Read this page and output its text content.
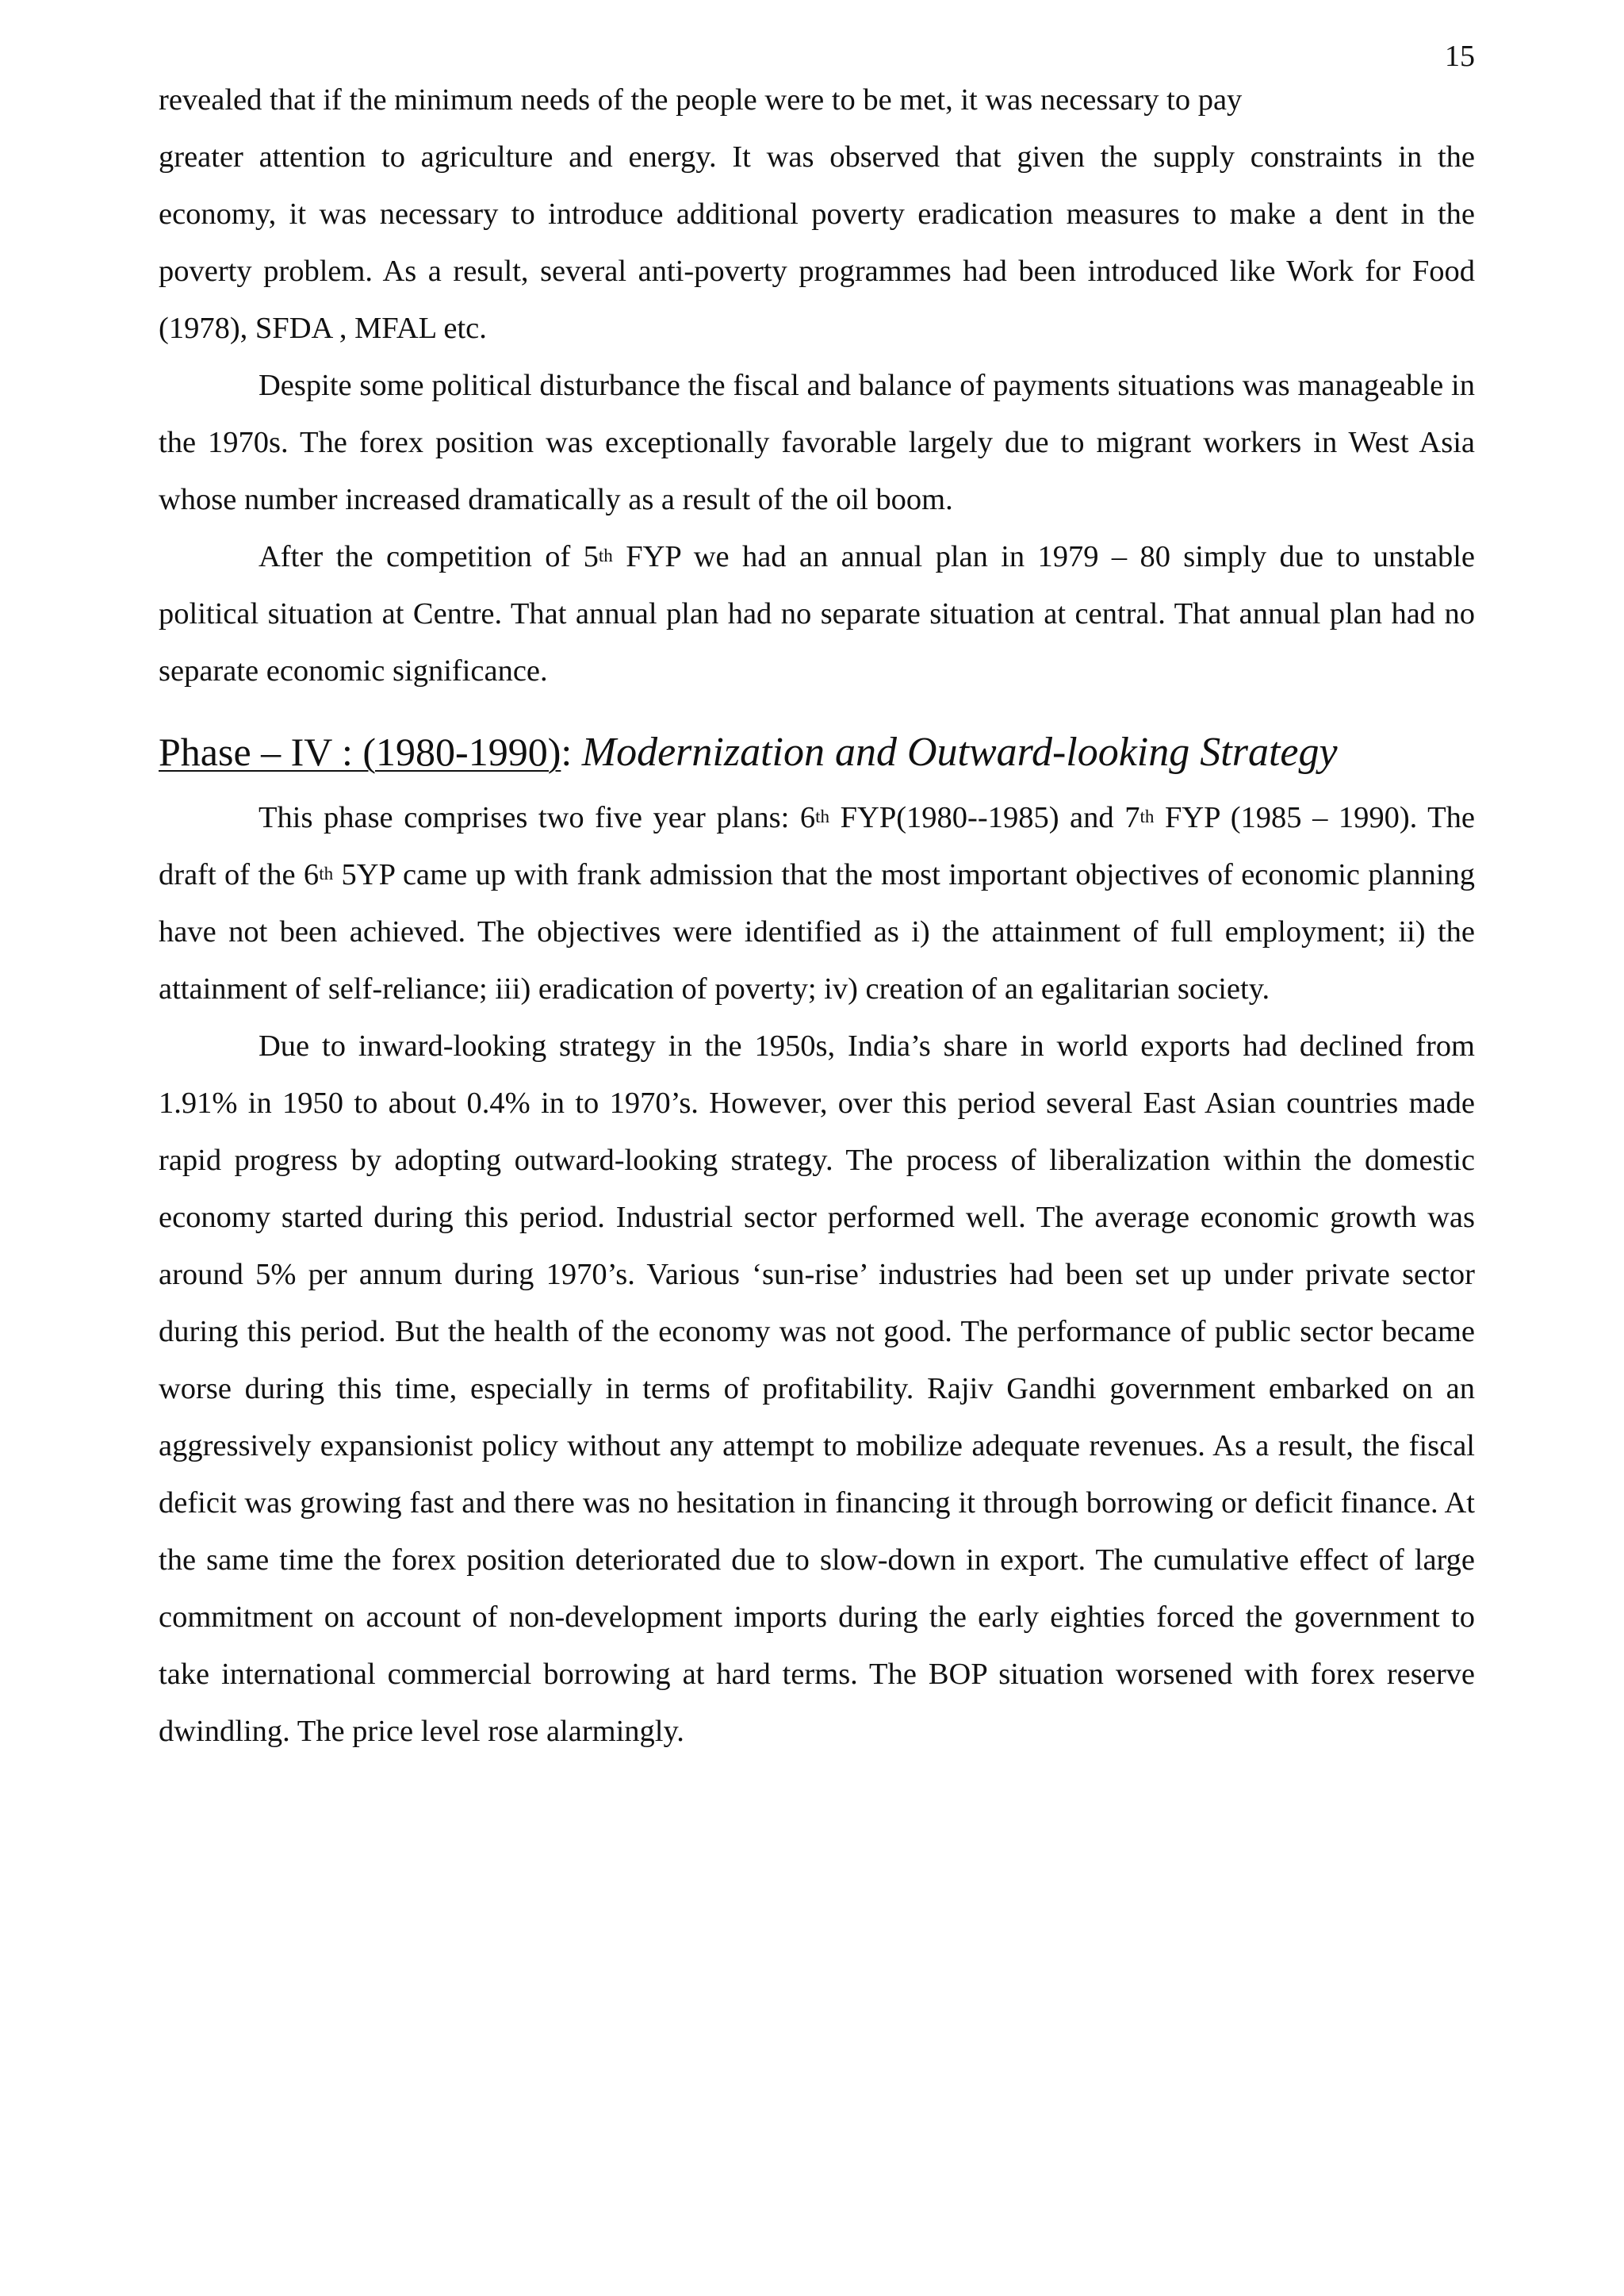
15

revealed that if the minimum needs of the people were to be met, it was necessary to pay
greater attention to agriculture and energy. It was observed that given the supply constraints in the economy, it was necessary to introduce additional poverty eradication measures to make a dent in the poverty problem. As a result, several anti-poverty programmes had been introduced like Work for Food (1978), SFDA , MFAL etc.

Despite some political disturbance the fiscal and balance of payments situations was manageable in the 1970s. The forex position was exceptionally favorable largely due to migrant workers in West Asia whose number increased dramatically as a result of the oil boom.

After the competition of 5th FYP we had an annual plan in 1979 – 80 simply due to unstable political situation at Centre. That annual plan had no separate situation at central. That annual plan had no separate economic significance.

Phase – IV : (1980-1990): Modernization and Outward-looking Strategy

This phase comprises two five year plans: 6th FYP(1980--1985) and 7th FYP (1985 – 1990). The draft of the 6th 5YP came up with frank admission that the most important objectives of economic planning have not been achieved. The objectives were identified as i) the attainment of full employment; ii) the attainment of self-reliance; iii) eradication of poverty; iv) creation of an egalitarian society.

Due to inward-looking strategy in the 1950s, India’s share in world exports had declined from 1.91% in 1950 to about 0.4% in to 1970’s. However, over this period several East Asian countries made rapid progress by adopting outward-looking strategy. The process of liberalization within the domestic economy started during this period. Industrial sector performed well. The average economic growth was around 5% per annum during 1970’s. Various ‘sun-rise’ industries had been set up under private sector during this period. But the health of the economy was not good. The performance of public sector became worse during this time, especially in terms of profitability. Rajiv Gandhi government embarked on an aggressively expansionist policy without any attempt to mobilize adequate revenues. As a result, the fiscal deficit was growing fast and there was no hesitation in financing it through borrowing or deficit finance. At the same time the forex position deteriorated due to slow-down in export. The cumulative effect of large commitment on account of non-development imports during the early eighties forced the government to take international commercial borrowing at hard terms. The BOP situation worsened with forex reserve dwindling. The price level rose alarmingly.
